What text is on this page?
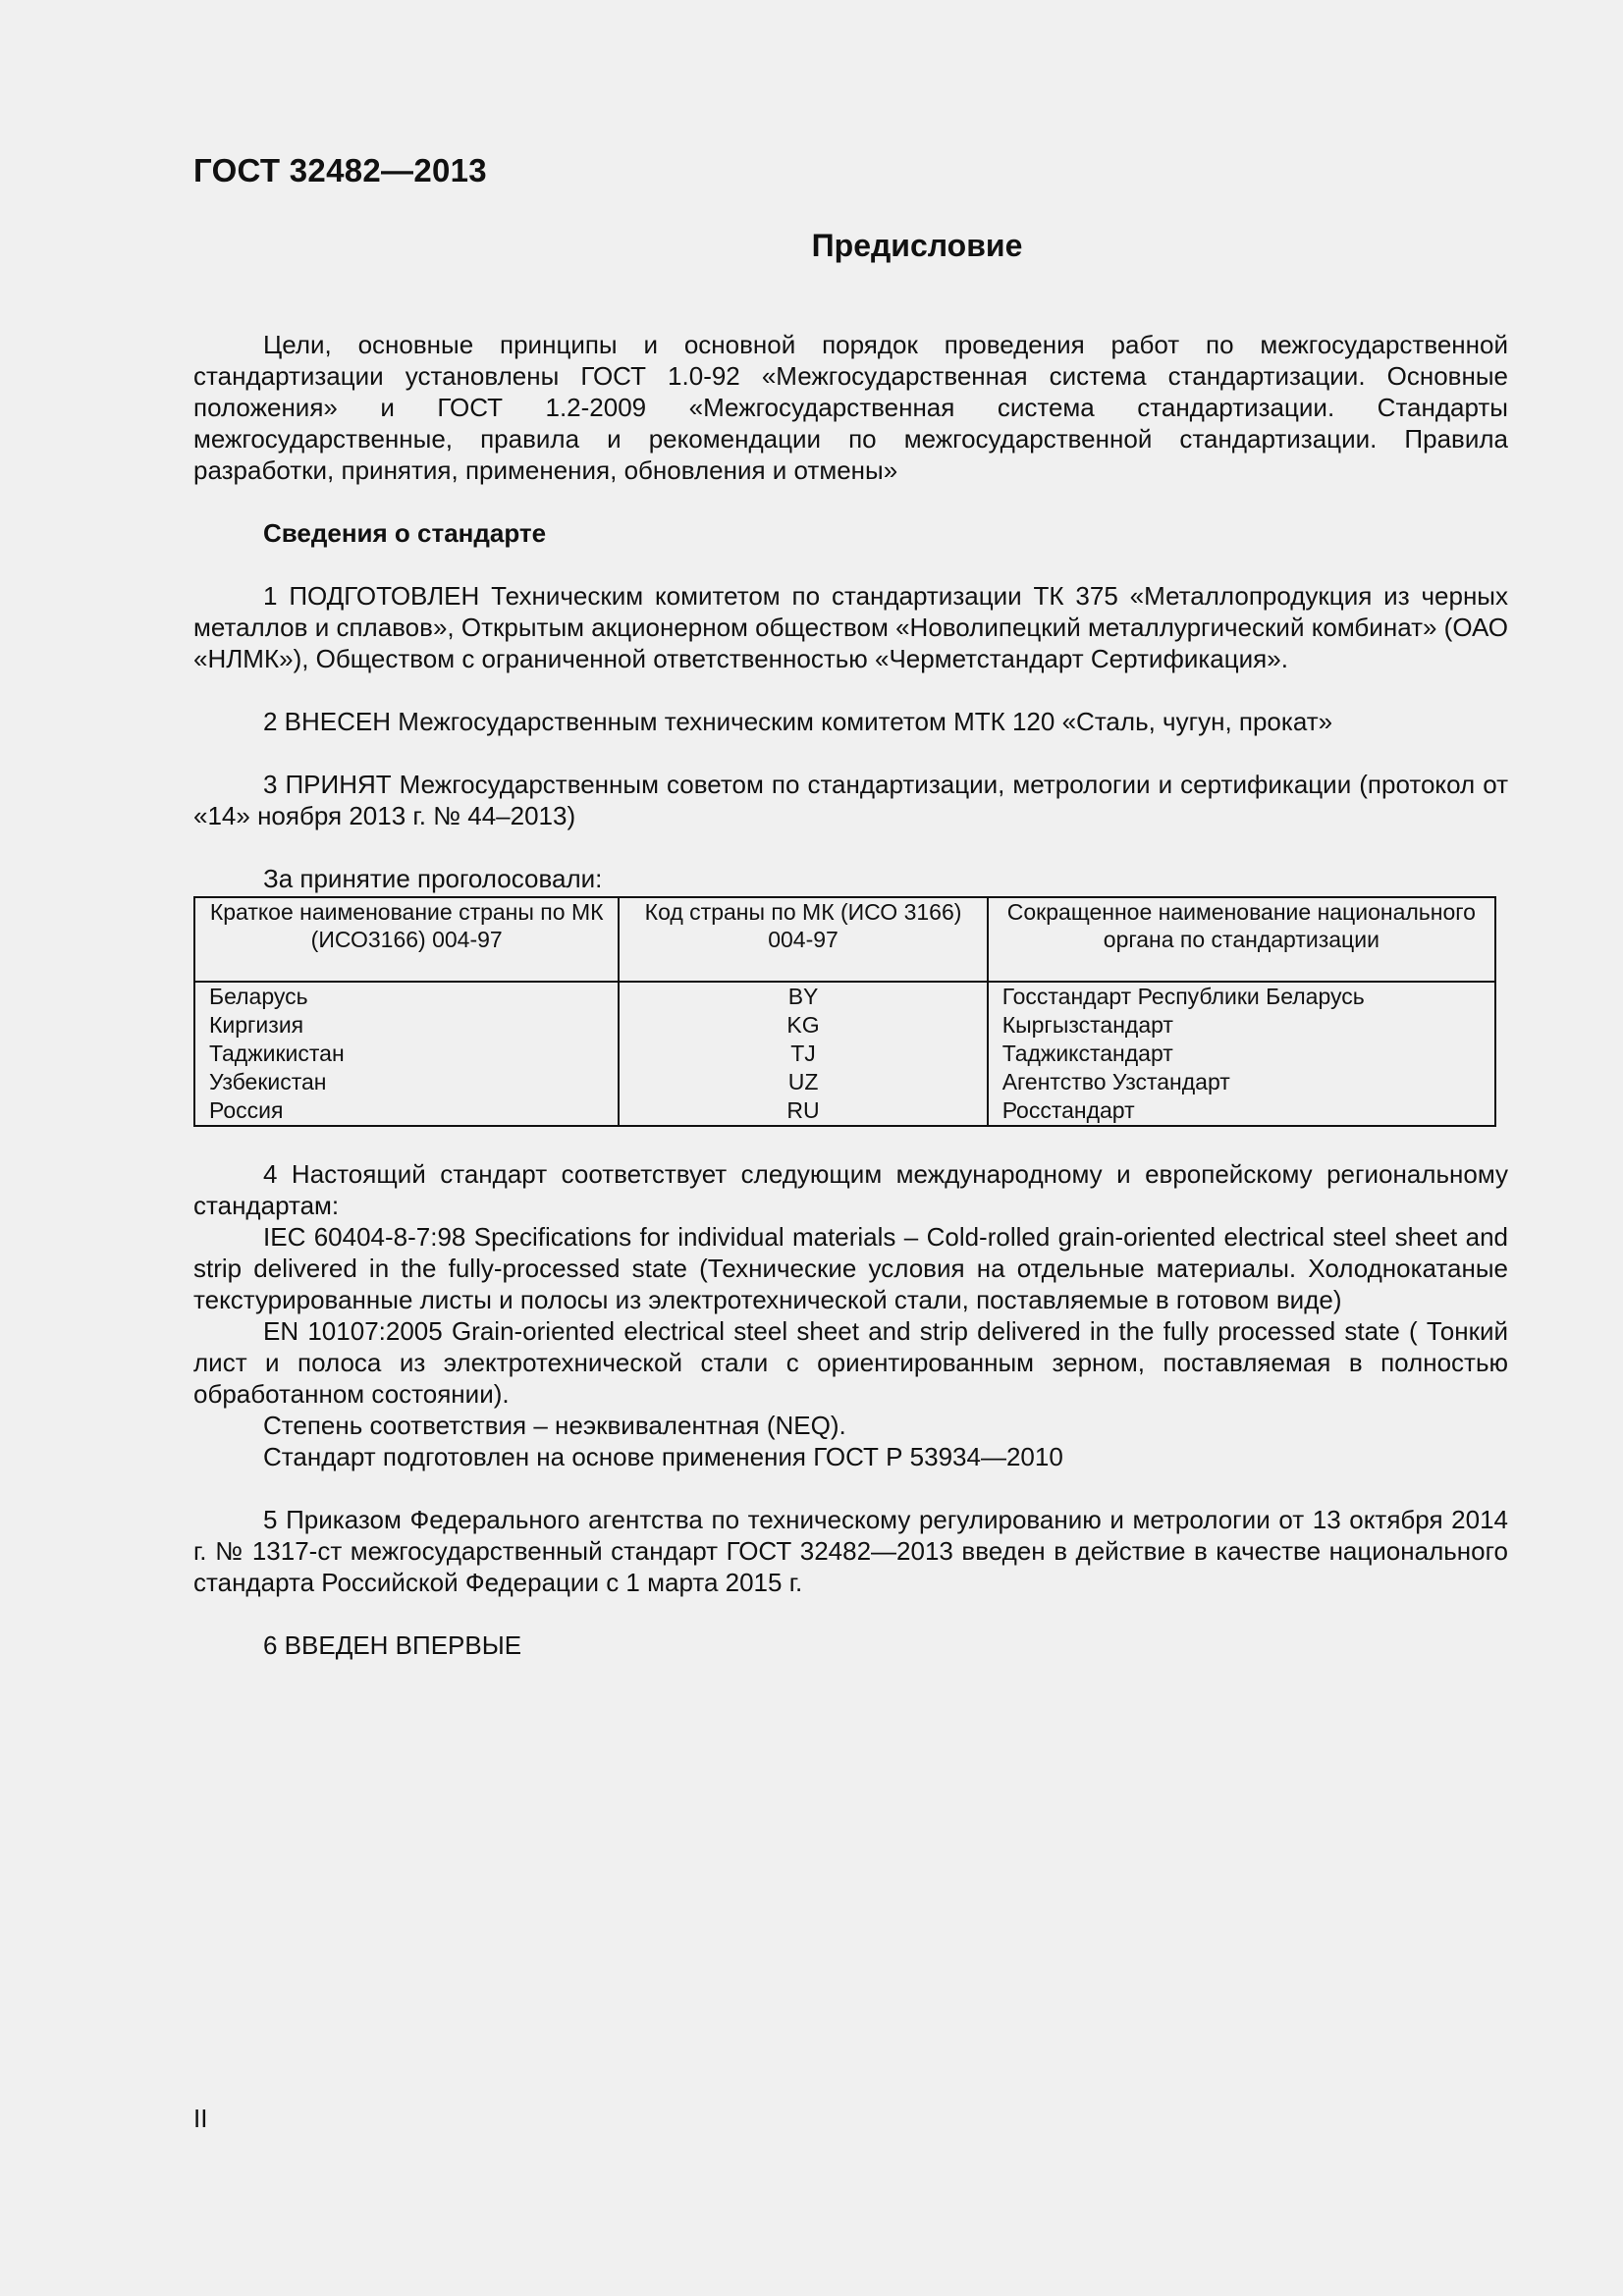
ГОСТ 32482—2013
Предисловие

Цели, основные принципы и основной порядок проведения работ по межгосударственной стандартизации установлены ГОСТ 1.0-92 «Межгосударственная система стандартизации. Основные положения» и ГОСТ 1.2-2009 «Межгосударственная система стандартизации. Стандарты межгосударственные, правила и рекомендации по межгосударственной стандартизации. Правила разработки, принятия, применения, обновления и отмены»

Сведения о стандарте

1 ПОДГОТОВЛЕН Техническим комитетом по стандартизации ТК 375 «Металлопродукция из черных металлов и сплавов», Открытым акционерном обществом «Новолипецкий металлургический комбинат» (ОАО «НЛМК»), Обществом с ограниченной ответственностью «Черметстандарт Сертификация».

2 ВНЕСЕН Межгосударственным техническим комитетом МТК 120 «Сталь, чугун, прокат»

3 ПРИНЯТ Межгосударственным советом по стандартизации, метрологии и сертификации (протокол от «14» ноября 2013 г. № 44–2013)

За принятие проголосовали:

Краткое наименование страны по МК (ИСО3166) 004-97	Код страны по МК (ИСО 3166) 004-97	Сокращенное наименование национального органа по стандартизации
Беларусь	BY	Госстандарт Республики Беларусь
Киргизия	KG	Кыргызстандарт
Таджикистан	TJ	Таджикстандарт
Узбекистан	UZ	Агентство Узстандарт
Россия	RU	Росстандарт

4 Настоящий стандарт соответствует следующим международному и европейскому региональному стандартам:

IEC 60404-8-7:98 Specifications for individual materials – Cold-rolled grain-oriented electrical steel sheet and strip delivered in the fully-processed state (Технические условия на отдельные материалы. Холоднокатаные текстурированные листы и полосы из электротехнической стали, поставляемые в готовом виде)

EN 10107:2005 Grain-oriented electrical steel sheet and strip delivered in the fully processed state ( Тонкий лист и полоса из электротехнической стали с ориентированным зерном, поставляемая в полностью обработанном состоянии).

Степень соответствия – неэквивалентная (NEQ).

Стандарт подготовлен на основе применения ГОСТ Р 53934—2010

5 Приказом Федерального агентства по техническому регулированию и метрологии от 13 октября 2014 г. № 1317-ст межгосударственный стандарт ГОСТ 32482—2013 введен в действие в качестве национального стандарта Российской Федерации с 1 марта 2015 г.

6 ВВЕДЕН ВПЕРВЫЕ

II
